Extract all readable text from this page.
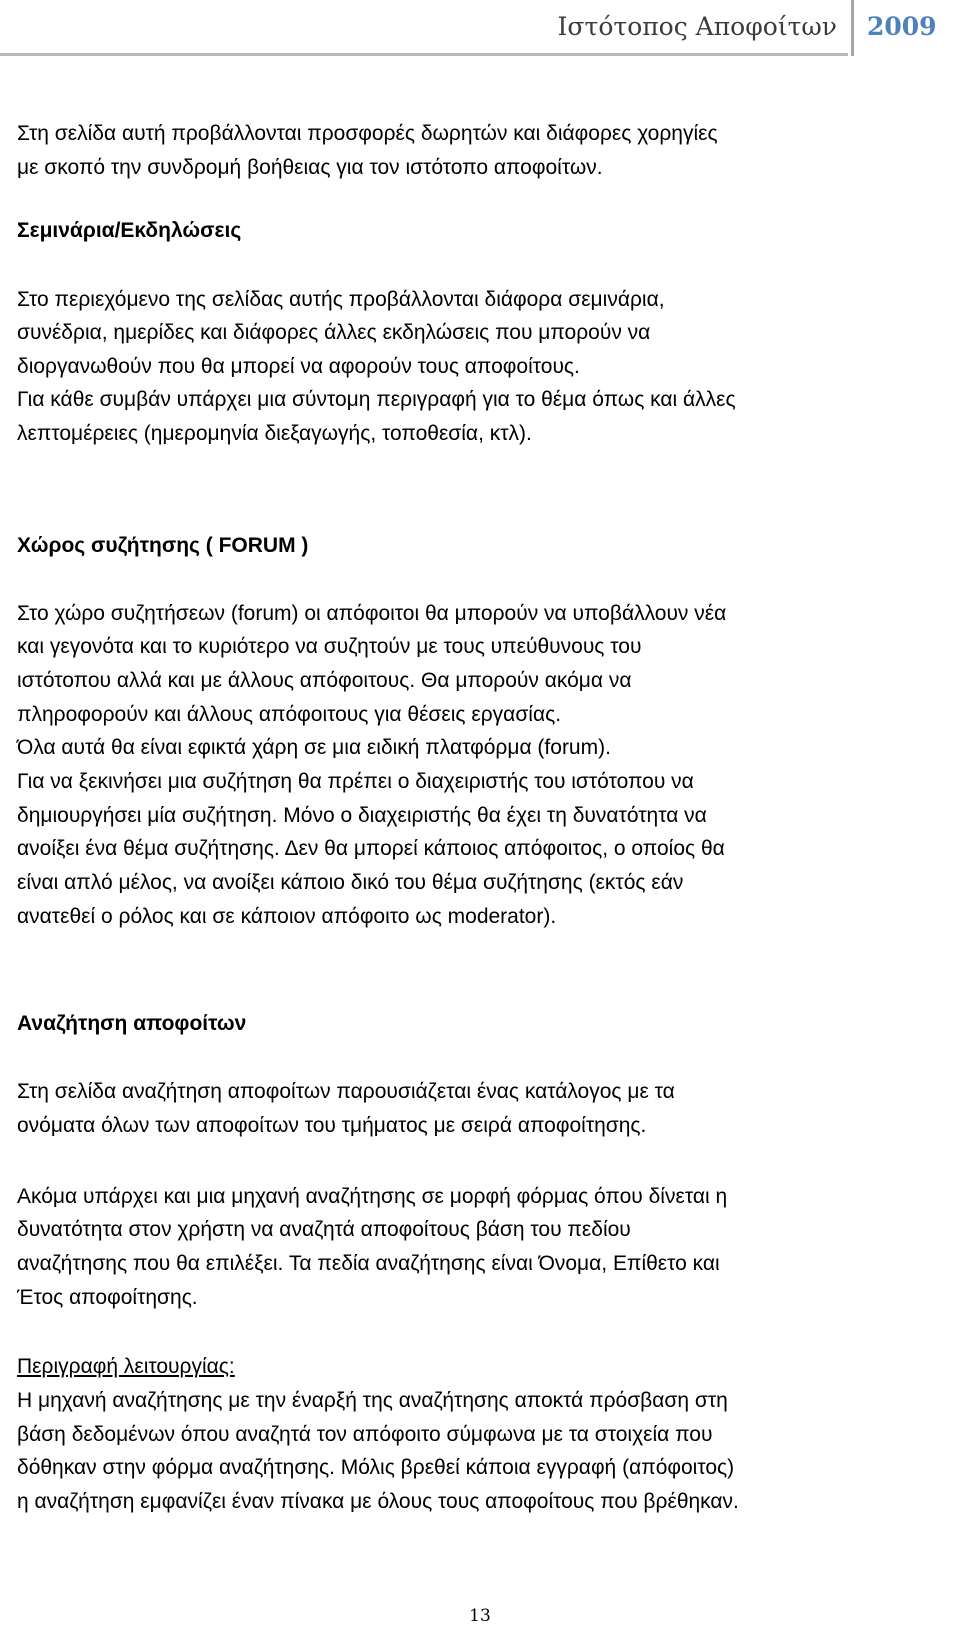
Ιστότοπος Αποφοίτων 2009
Στη σελίδα αυτή προβάλλονται προσφορές δωρητών και διάφορες χορηγίες
με σκοπό την συνδρομή βοήθειας για τον ιστότοπο αποφοίτων.
Σεμινάρια/Εκδηλώσεις
Στο περιεχόμενο της σελίδας αυτής προβάλλονται διάφορα σεμινάρια,
συνέδρια, ημερίδες και διάφορες άλλες εκδηλώσεις που μπορούν να
διοργανωθούν που θα μπορεί να αφορούν τους αποφοίτους.
Για κάθε συμβάν υπάρχει μια σύντομη περιγραφή για το θέμα όπως και άλλες
λεπτομέρειες (ημερομηνία διεξαγωγής, τοποθεσία, κτλ).
Χώρος συζήτησης ( FORUM )
Στο χώρο συζητήσεων (forum) οι απόφοιτοι θα μπορούν να υποβάλλουν νέα
και γεγονότα και το κυριότερο να συζητούν με τους υπεύθυνους του
ιστότοπου αλλά και με άλλους απόφοιτους. Θα μπορούν ακόμα να
πληροφορούν και άλλους απόφοιτους για θέσεις εργασίας.
Όλα αυτά θα είναι εφικτά χάρη σε μια ειδική πλατφόρμα (forum).
Για να ξεκινήσει μια συζήτηση θα πρέπει ο διαχειριστής του ιστότοπου να
δημιουργήσει μία συζήτηση. Μόνο ο διαχειριστής θα έχει τη δυνατότητα να
ανοίξει ένα θέμα συζήτησης. Δεν θα μπορεί κάποιος απόφοιτος, ο οποίος θα
είναι απλό μέλος, να ανοίξει κάποιο δικό του θέμα συζήτησης (εκτός εάν
ανατεθεί ο ρόλος και σε κάποιον απόφοιτο ως moderator).
Αναζήτηση αποφοίτων
Στη σελίδα αναζήτηση αποφοίτων παρουσιάζεται ένας κατάλογος με τα
ονόματα όλων των αποφοίτων του τμήματος με σειρά αποφοίτησης.
Ακόμα υπάρχει και μια μηχανή αναζήτησης σε μορφή φόρμας όπου δίνεται η
δυνατότητα στον χρήστη να αναζητά αποφοίτους βάση του πεδίου
αναζήτησης που θα επιλέξει. Τα πεδία αναζήτησης είναι Όνομα, Επίθετο και
Έτος αποφοίτησης.
Περιγραφή λειτουργίας:
Η μηχανή αναζήτησης με την έναρξή της αναζήτησης αποκτά πρόσβαση στη
βάση δεδομένων όπου αναζητά τον απόφοιτο σύμφωνα με τα στοιχεία που
δόθηκαν στην φόρμα αναζήτησης. Μόλις βρεθεί κάποια εγγραφή (απόφοιτος)
η αναζήτηση εμφανίζει έναν πίνακα με όλους τους αποφοίτους που βρέθηκαν.
13
